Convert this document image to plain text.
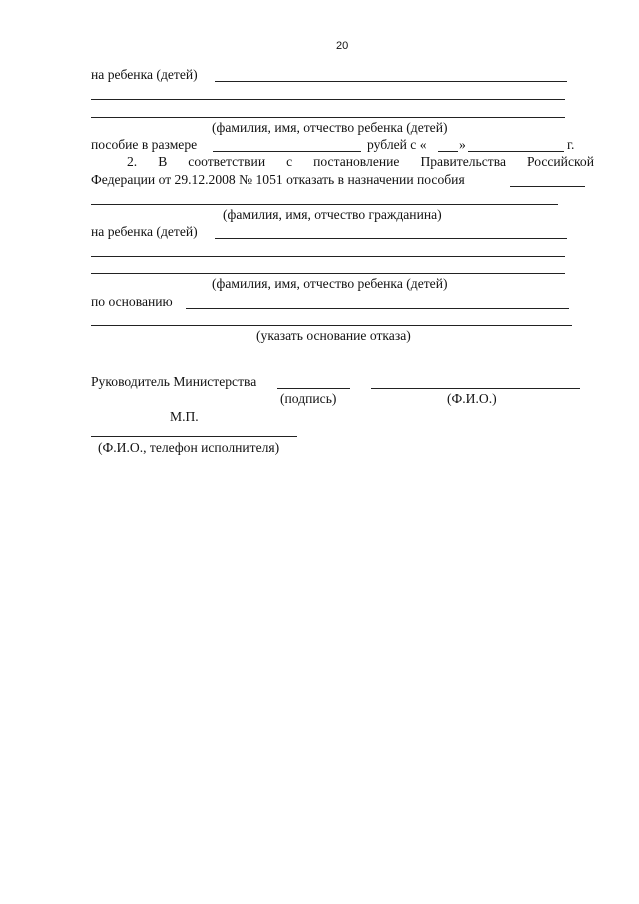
20
на ребенка (детей)
(фамилия, имя, отчество ребенка (детей)
пособие в размере	рублей с « »	г.
2. В соответствии с постановление Правительства Российской
Федерации от 29.12.2008 № 1051 отказать в назначении пособия
(фамилия, имя, отчество гражданина)
на ребенка (детей)
(фамилия, имя, отчество ребенка (детей)
по основанию
(указать основание отказа)
Руководитель Министерства
(подпись)	(Ф.И.О.)
М.П.
(Ф.И.О., телефон исполнителя)
